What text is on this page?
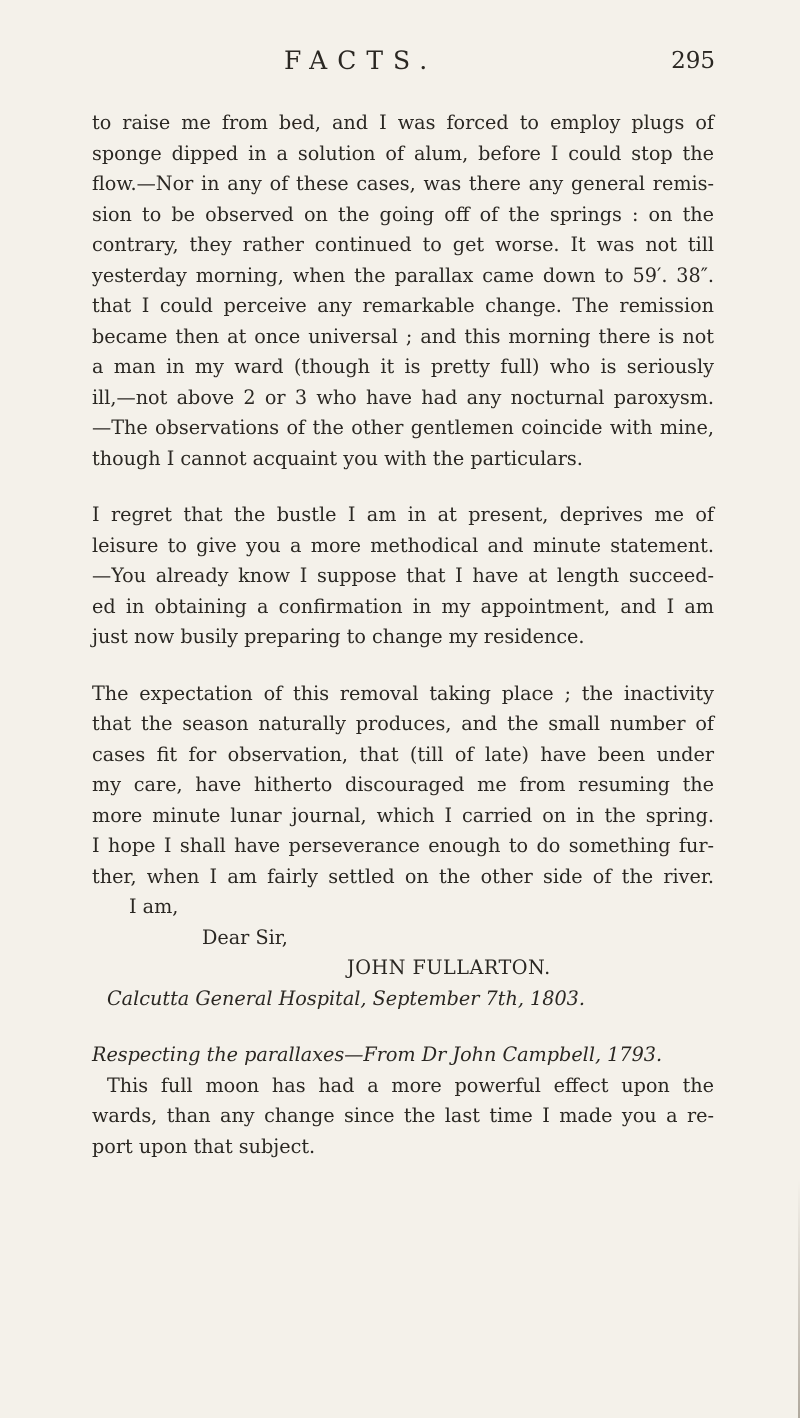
FACTS.	295
to raise me from bed, and I was forced to employ plugs of
sponge dipped in a solution of alum, before I could stop the
flow.—Nor in any of these cases, was there any general remis-
sion to be observed on the going off of the springs : on the
contrary, they rather continued to get worse. It was not till
yesterday morning, when the parallax came down to 59′. 38″.
that I could perceive any remarkable change. The remission
became then at once universal ; and this morning there is not
a man in my ward (though it is pretty full) who is seriously
ill,—not above 2 or 3 who have had any nocturnal paroxysm.
—The observations of the other gentlemen coincide with mine,
though I cannot acquaint you with the particulars.
I regret that the bustle I am in at present, deprives me of
leisure to give you a more methodical and minute statement.
—You already know I suppose that I have at length succeed-
ed in obtaining a confirmation in my appointment, and I am
just now busily preparing to change my residence.
The expectation of this removal taking place ; the inactivity
that the season naturally produces, and the small number of
cases fit for observation, that (till of late) have been under
my care, have hitherto discouraged me from resuming the
more minute lunar journal, which I carried on in the spring.
I hope I shall have perseverance enough to do something fur-
ther, when I am fairly settled on the other side of the river.
I am,
Dear Sir,
JOHN FULLARTON.
Calcutta General Hospital, September 7th, 1803.
Respecting the parallaxes—From Dr John Campbell, 1793.
This full moon has had a more powerful effect upon the
wards, than any change since the last time I made you a re-
port upon that subject.
